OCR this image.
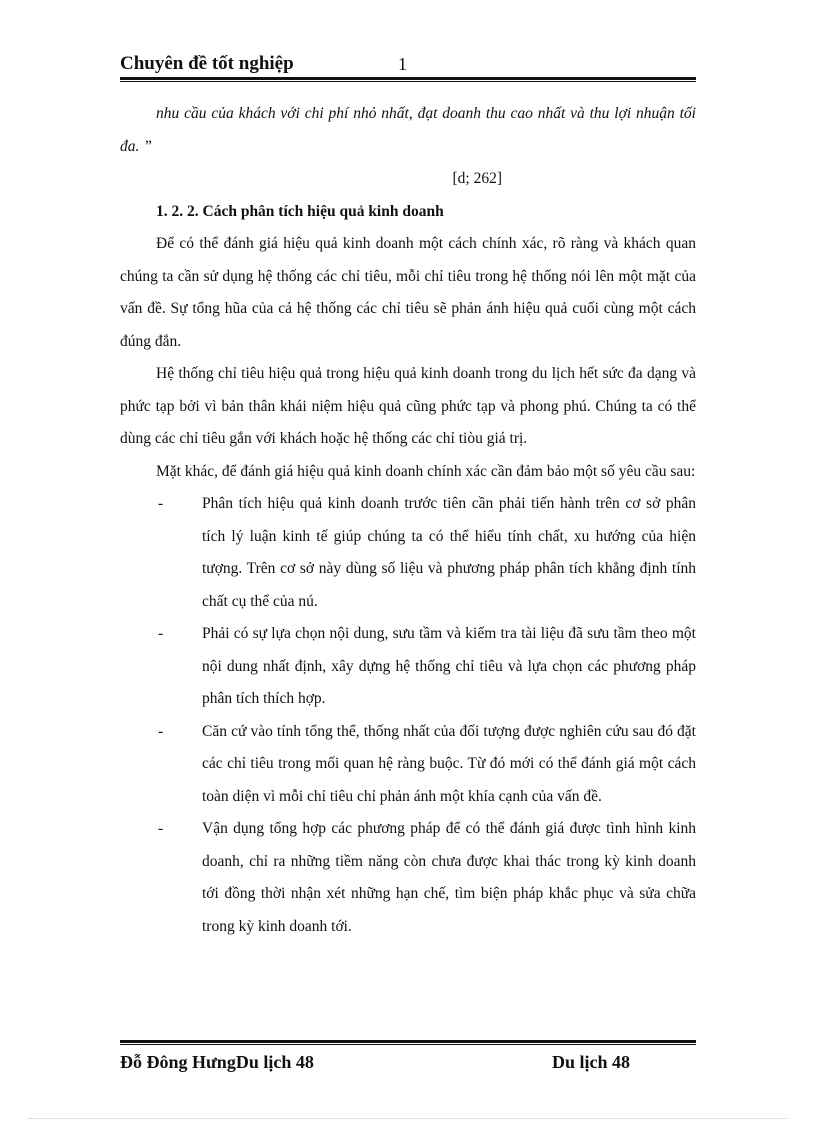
Chuyên đề tốt nghiệp	1

nhu cầu của khách với chi phí nhỏ nhất, đạt doanh thu cao nhất và thu lợi nhuận tối đa. ”

[d; 262]

1. 2. 2. Cách phân tích hiệu quả kinh doanh

Để có thể đánh giá hiệu quả kinh doanh một cách chính xác, rõ ràng và khách quan chúng ta cần sử dụng hệ thống các chỉ tiêu, mỗi chỉ tiêu trong hệ thống nói lên một mặt của vấn đề. Sự tổng hũa của cả hệ thống các chỉ tiêu sẽ phản ánh hiệu quả cuối cùng một cách đúng đắn.

Hệ thống chỉ tiêu hiệu quả trong hiệu quả kinh doanh trong du lịch hết sức đa dạng và phức tạp bởi vì bản thân khái niệm hiệu quả cũng phức tạp và phong phú. Chúng ta có thể dùng các chỉ tiêu gắn với khách hoặc hệ thống các chỉ tiòu giá trị.

Mặt khác, để đánh giá hiệu quả kinh doanh chính xác cần đảm bảo một số yêu cầu sau:

-	Phân tích hiệu quả kinh doanh trước tiên cần phải tiến hành trên cơ sở phân tích lý luận kinh tế giúp chúng ta có thể hiểu tính chất, xu hướng của hiện tượng. Trên cơ sở này dùng số liệu và phương pháp phân tích khẳng định tính chất cụ thể của nú.
-	Phải có sự lựa chọn nội dung, sưu tầm và kiểm tra tài liệu đã sưu tầm theo một nội dung nhất định, xây dựng hệ thống chỉ tiêu và lựa chọn các phương pháp phân tích thích hợp.
-	Căn cứ vào tính tổng thể, thống nhất của đối tượng được nghiên cứu sau đó đặt các chỉ tiêu trong mối quan hệ ràng buộc. Từ đó mới có thể đánh giá một cách toàn diện vì mỗi chỉ tiêu chỉ phản ánh một khía cạnh của vấn đề.
-	Vận dụng tổng hợp các phương pháp để có thể đánh giá được tình hình kinh doanh, chỉ ra những tiềm năng còn chưa được khai thác trong kỳ kinh doanh tới đồng thời nhận xét những hạn chế, tìm biện pháp khắc phục và sửa chữa trong kỳ kinh doanh tới.
Đỗ Đông HưngDu lịch 48	Du lịch 48
